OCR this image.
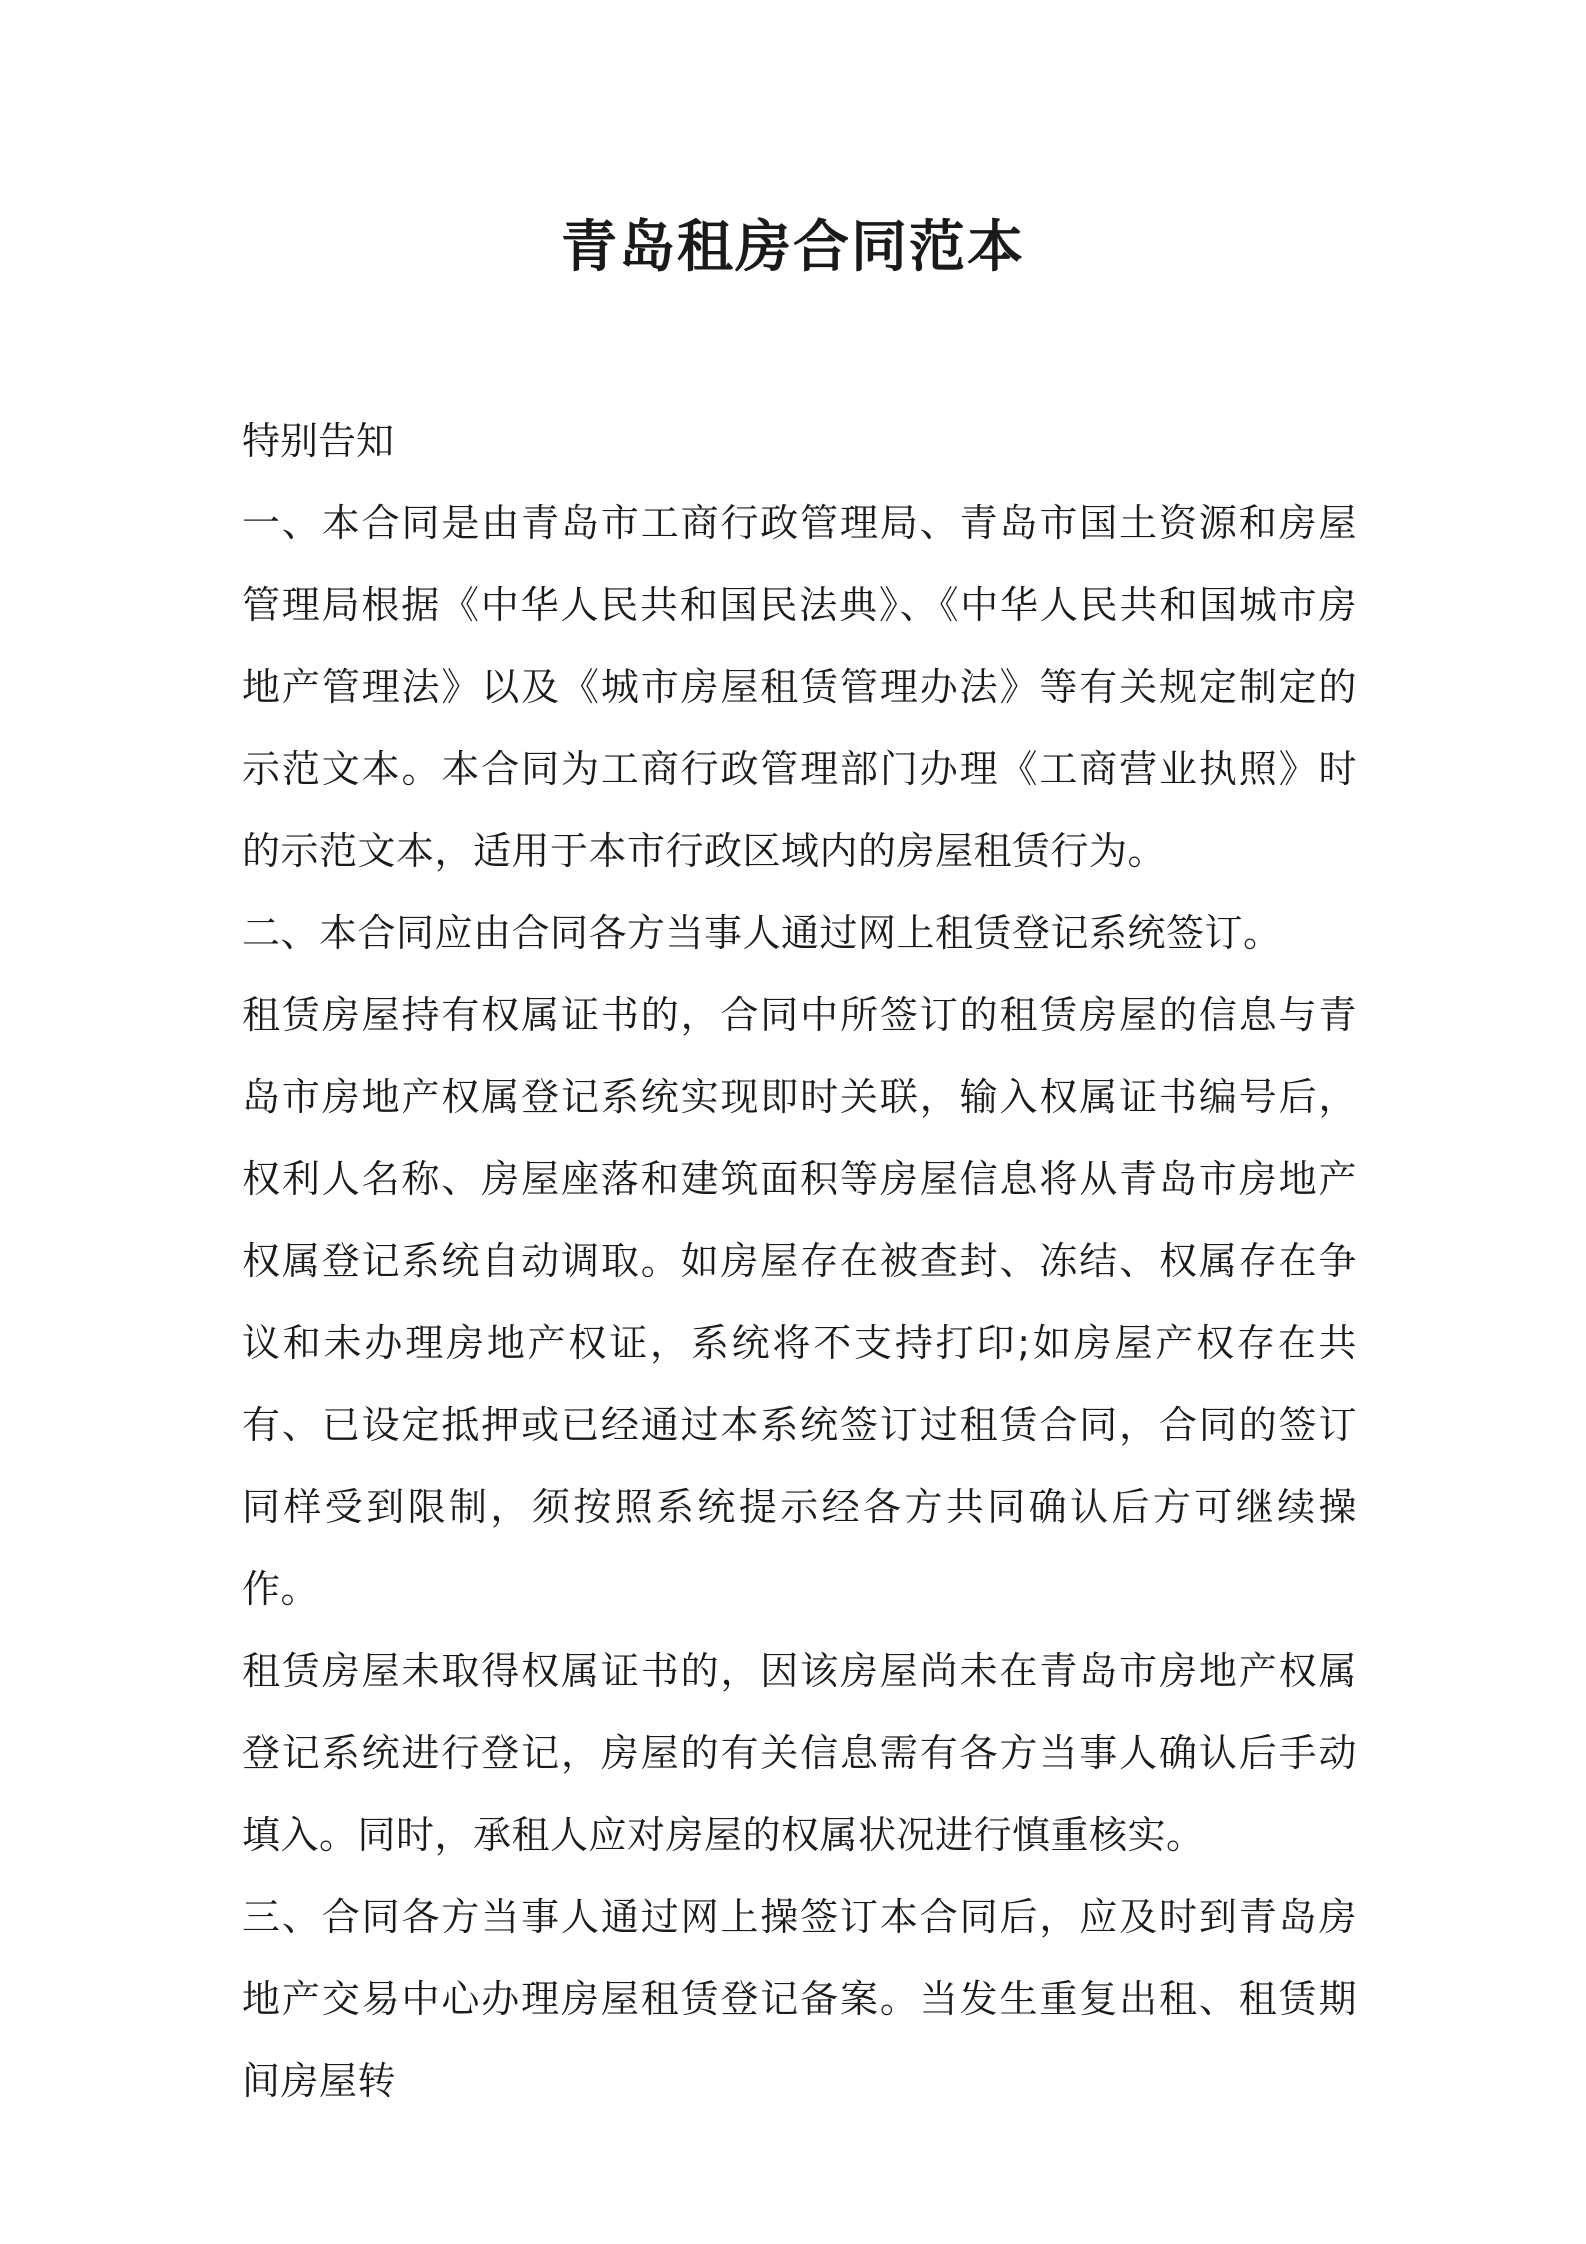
青岛租房合同范本

特别告知

一、本合同是由青岛市工商行政管理局、青岛市国土资源和房屋管理局根据《中华人民共和国民法典》、《中华人民共和国城市房地产管理法》以及《城市房屋租赁管理办法》等有关规定制定的示范文本。本合同为工商行政管理部门办理《工商营业执照》时的示范文本，适用于本市行政区域内的房屋租赁行为。

二、本合同应由合同各方当事人通过网上租赁登记系统签订。

租赁房屋持有权属证书的，合同中所签订的租赁房屋的信息与青岛市房地产权属登记系统实现即时关联，输入权属证书编号后，权利人名称、房屋座落和建筑面积等房屋信息将从青岛市房地产权属登记系统自动调取。如房屋存在被查封、冻结、权属存在争议和未办理房地产权证，系统将不支持打印;如房屋产权存在共有、已设定抵押或已经通过本系统签订过租赁合同，合同的签订同样受到限制，须按照系统提示经各方共同确认后方可继续操作。

租赁房屋未取得权属证书的，因该房屋尚未在青岛市房地产权属登记系统进行登记，房屋的有关信息需有各方当事人确认后手动填入。同时，承租人应对房屋的权属状况进行慎重核实。

三、合同各方当事人通过网上操签订本合同后，应及时到青岛房地产交易中心办理房屋租赁登记备案。当发生重复出租、租赁期间房屋转
